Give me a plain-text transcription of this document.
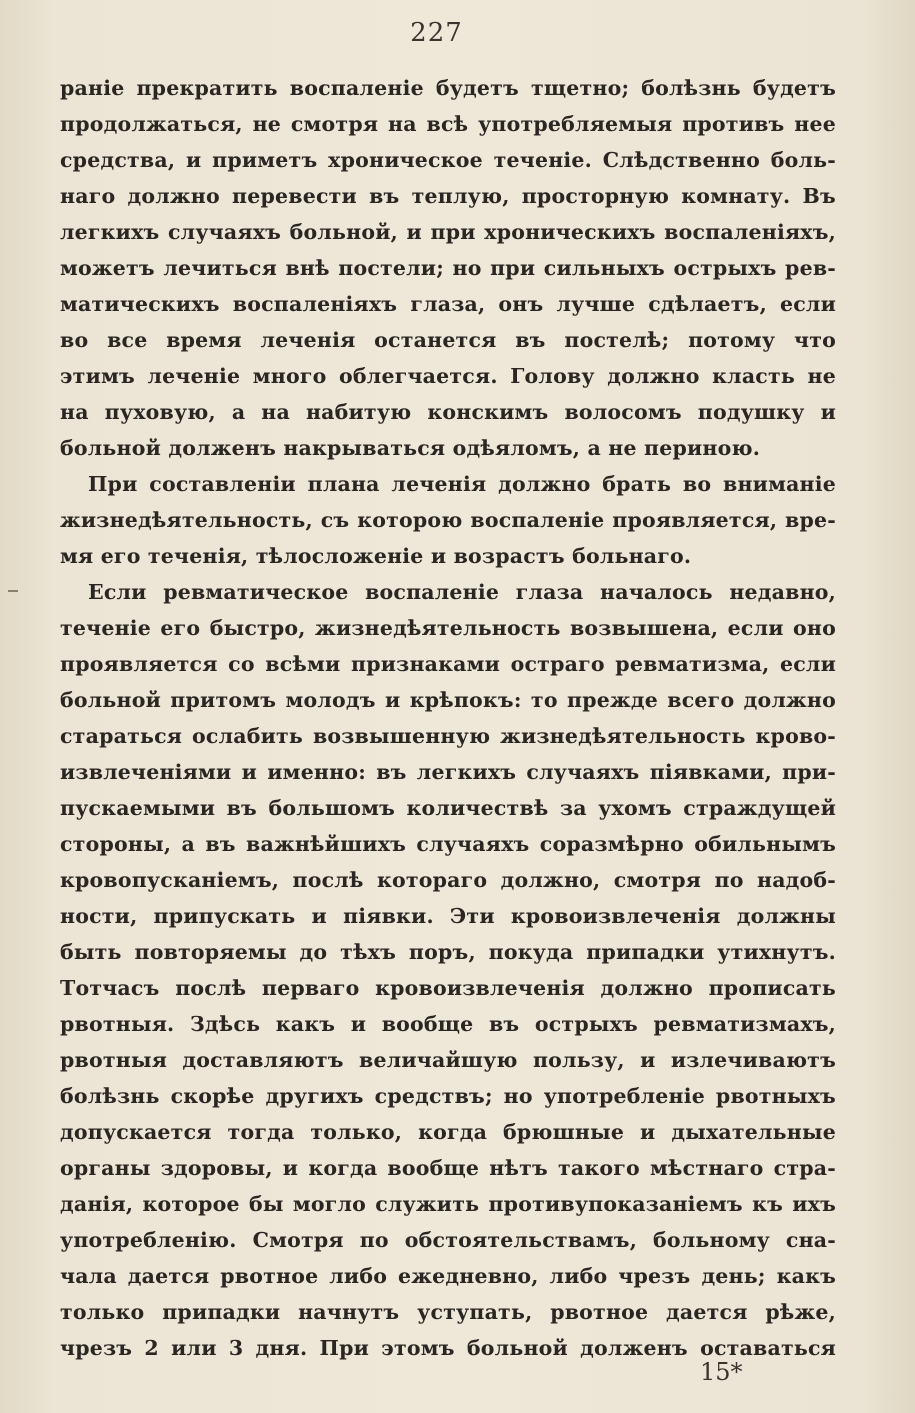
227
ранiе прекратить воспаленiе будетъ тщетно; болѣзнь будетъ
продолжаться, не смотря на всѣ употребляемыя противъ нее
средства, и приметъ хроническое теченiе. Слѣдственно боль-
наго должно перевести въ теплую, просторную комнату. Въ
легкихъ случаяхъ больной, и при хроническихъ воспаленiяхъ,
можетъ лечиться внѣ постели; но при сильныхъ острыхъ рев-
матическихъ воспаленiяхъ глаза, онъ лучше сдѣлаетъ, если
во все время леченiя останется въ постелѣ; потому что
этимъ леченiе много облегчается. Голову должно класть не
на пуховую, а на набитую конскимъ волосомъ подушку и
больной долженъ накрываться одѣяломъ, а не периною.
При составленiи плана леченiя должно брать во вниманiе
жизнедѣятельность, съ которою воспаленiе проявляется, вре-
мя его теченiя, тѣлосложенiе и возрастъ больнаго.
Если ревматическое воспаленiе глаза началось недавно,
теченiе его быстро, жизнедѣятельность возвышена, если оно
проявляется со всѣми признаками остраго ревматизма, если
больной притомъ молодъ и крѣпокъ: то прежде всего должно
стараться ослабить возвышенную жизнедѣятельность крово-
извлеченiями и именно: въ легкихъ случаяхъ пiявками, при-
пускаемыми въ большомъ количествѣ за ухомъ страждущей
стороны, а въ важнѣйшихъ случаяхъ соразмѣрно обильнымъ
кровопусканiемъ, послѣ котораго должно, смотря по надоб-
ности, припускать и пiявки. Эти кровоизвлеченiя должны
быть повторяемы до тѣхъ поръ, покуда припадки утихнутъ.
Тотчасъ послѣ перваго кровоизвлеченiя должно прописать
рвотныя. Здѣсь какъ и вообще въ острыхъ ревматизмахъ,
рвотныя доставляютъ величайшую пользу, и излечиваютъ
болѣзнь скорѣе другихъ средствъ; но употребленiе рвотныхъ
допускается тогда только, когда брюшные и дыхательные
органы здоровы, и когда вообще нѣтъ такого мѣстнаго стра-
данiя, которое бы могло служить противупоказанiемъ къ ихъ
употребленiю. Смотря по обстоятельствамъ, больному сна-
чала дается рвотное либо ежедневно, либо чрезъ день; какъ
только припадки начнутъ уступать, рвотное дается рѣже,
чрезъ 2 или 3 дня. При этомъ больной долженъ оставаться
15*
